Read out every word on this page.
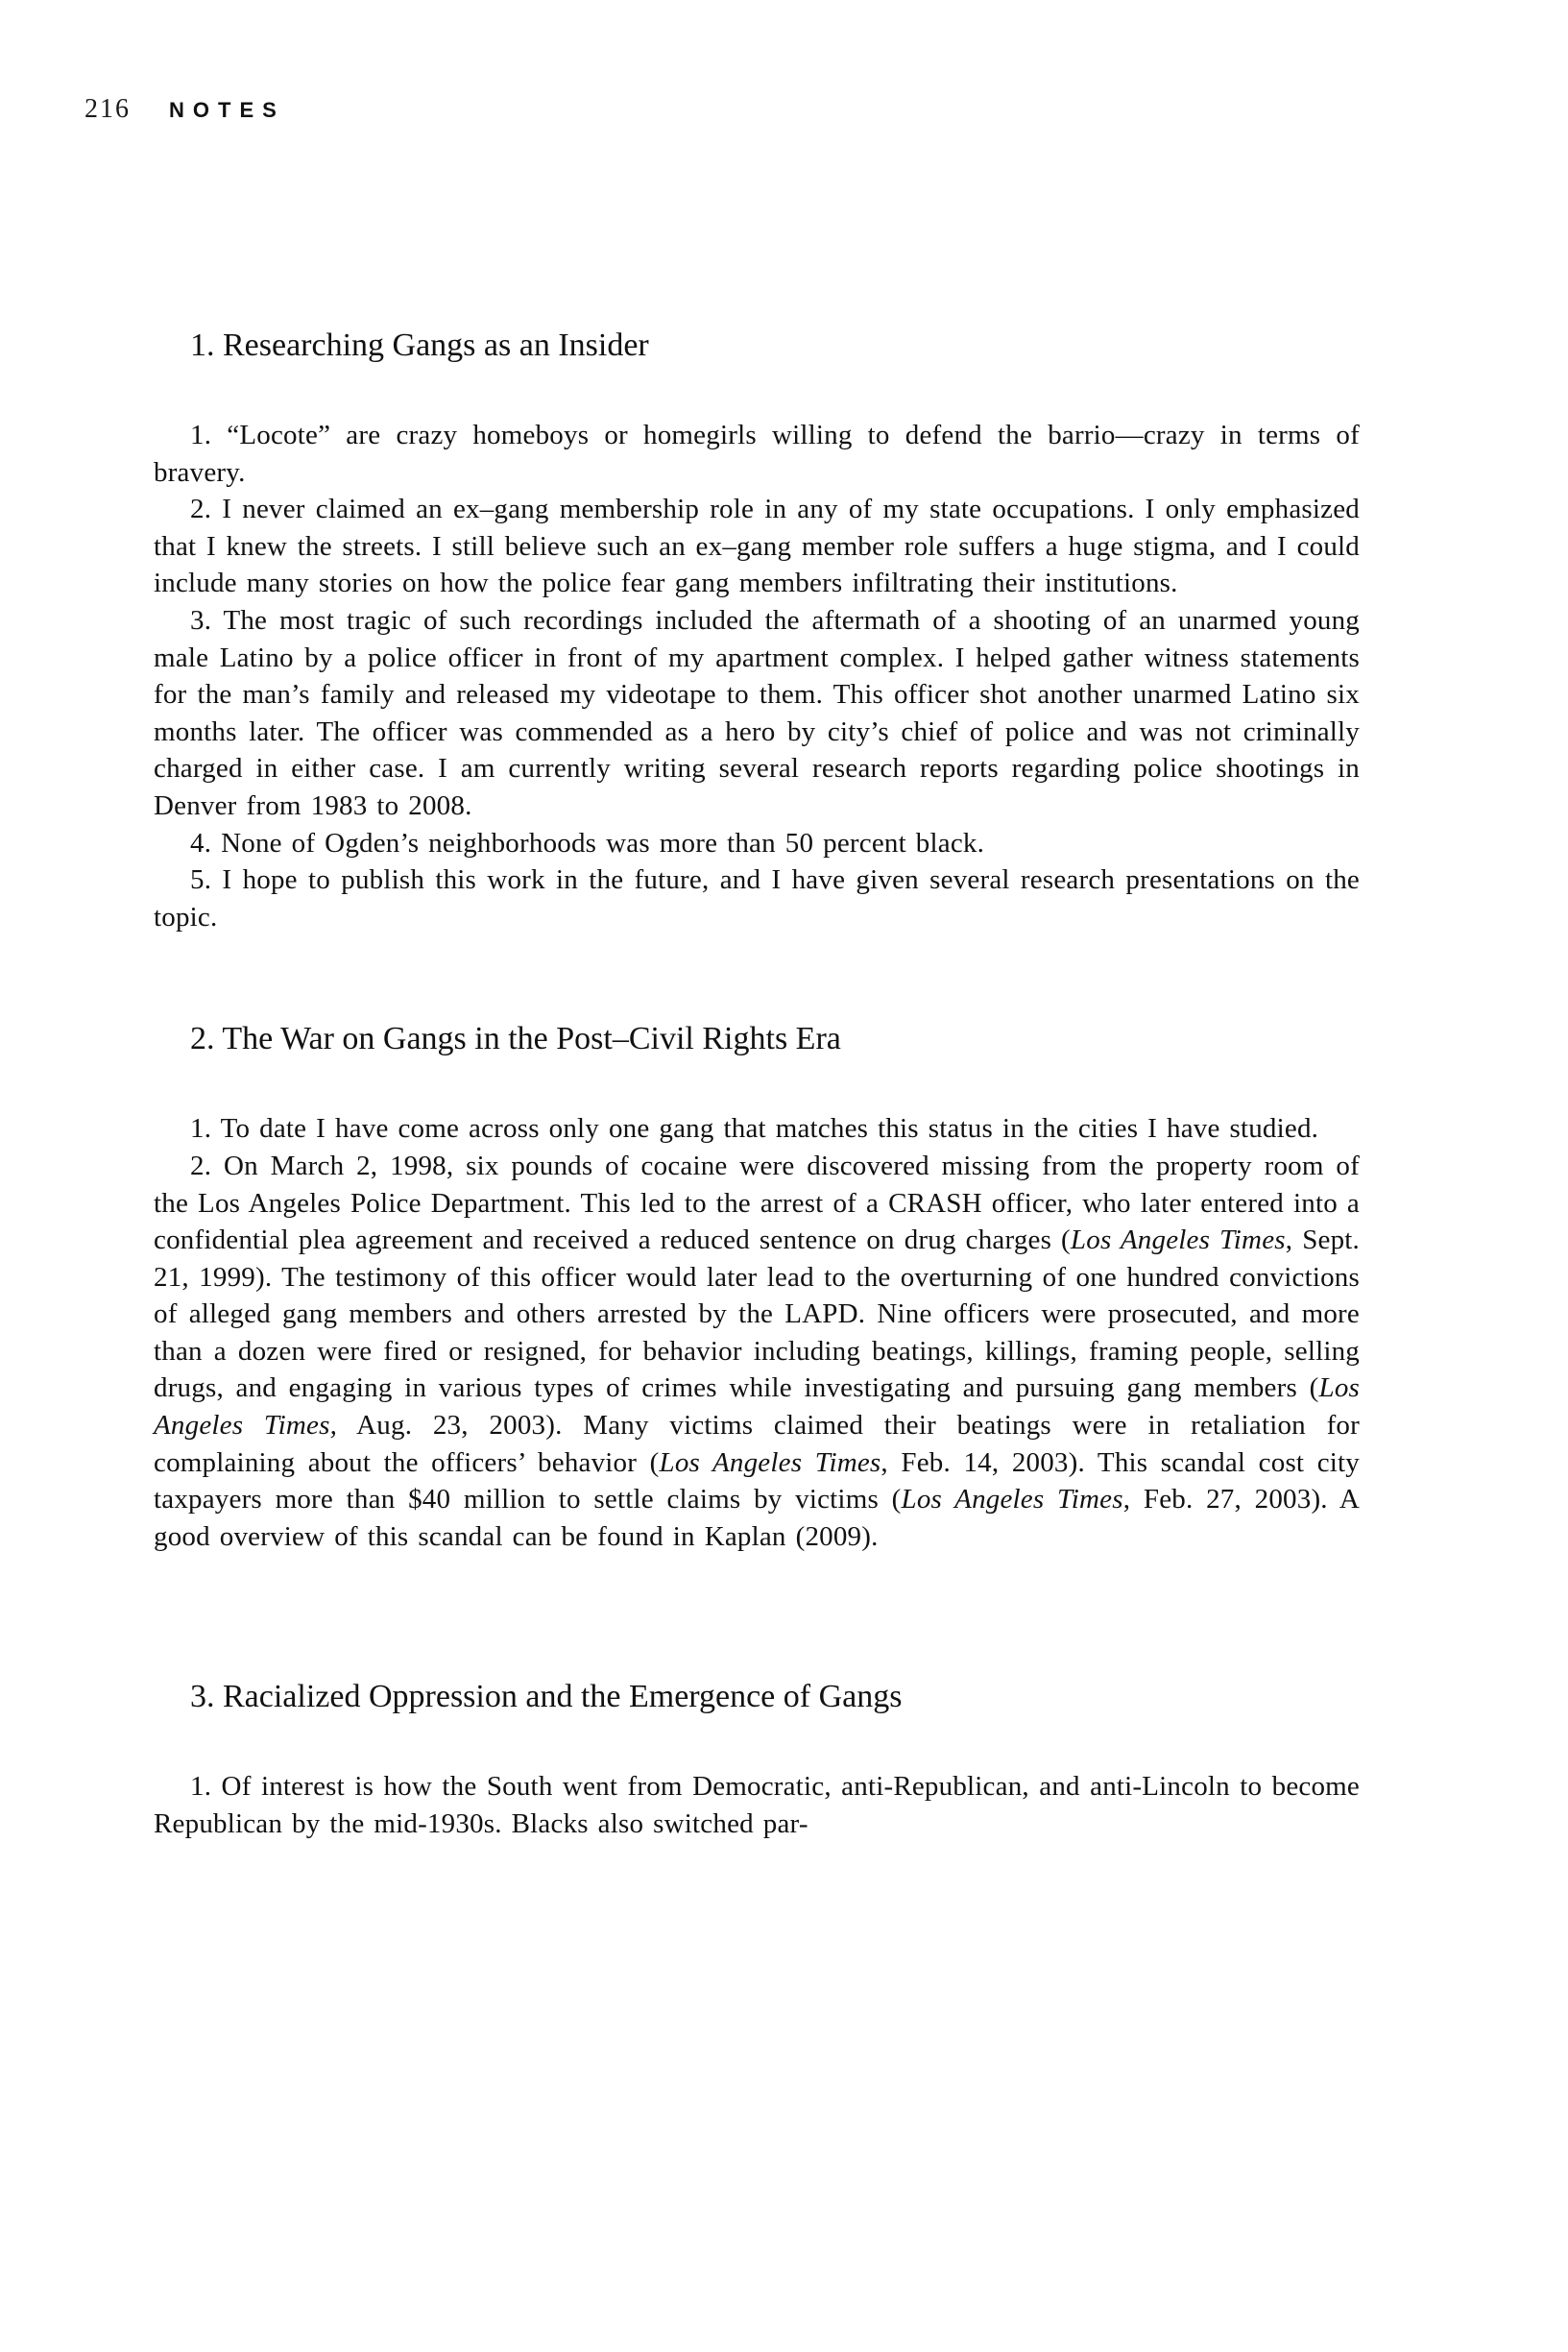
216 NOTES
1. Researching Gangs as an Insider

1. “Locote” are crazy homeboys or homegirls willing to defend the barrio—crazy in terms of bravery.

2. I never claimed an ex–gang membership role in any of my state occupations. I only emphasized that I knew the streets. I still believe such an ex–gang member role suffers a huge stigma, and I could include many stories on how the police fear gang members infiltrating their institutions.

3. The most tragic of such recordings included the aftermath of a shooting of an unarmed young male Latino by a police officer in front of my apartment complex. I helped gather witness statements for the man’s family and released my videotape to them. This officer shot another unarmed Latino six months later. The officer was commended as a hero by city’s chief of police and was not criminally charged in either case. I am currently writing several research reports regarding police shootings in Denver from 1983 to 2008.

4. None of Ogden’s neighborhoods was more than 50 percent black.

5. I hope to publish this work in the future, and I have given several research presentations on the topic.

2. The War on Gangs in the Post–Civil Rights Era

1. To date I have come across only one gang that matches this status in the cities I have studied.

2. On March 2, 1998, six pounds of cocaine were discovered missing from the property room of the Los Angeles Police Department. This led to the arrest of a CRASH officer, who later entered into a confidential plea agreement and received a reduced sentence on drug charges (Los Angeles Times, Sept. 21, 1999). The testimony of this officer would later lead to the overturning of one hundred convictions of alleged gang members and others arrested by the LAPD. Nine officers were prosecuted, and more than a dozen were fired or resigned, for behavior including beatings, killings, framing people, selling drugs, and engaging in various types of crimes while investigating and pursuing gang members (Los Angeles Times, Aug. 23, 2003). Many victims claimed their beatings were in retaliation for complaining about the officers’ behavior (Los Angeles Times, Feb. 14, 2003). This scandal cost city taxpayers more than $40 million to settle claims by victims (Los Angeles Times, Feb. 27, 2003). A good overview of this scandal can be found in Kaplan (2009).

3. Racialized Oppression and the Emergence of Gangs

1. Of interest is how the South went from Democratic, anti-Republican, and anti-Lincoln to become Republican by the mid-1930s. Blacks also switched par-
